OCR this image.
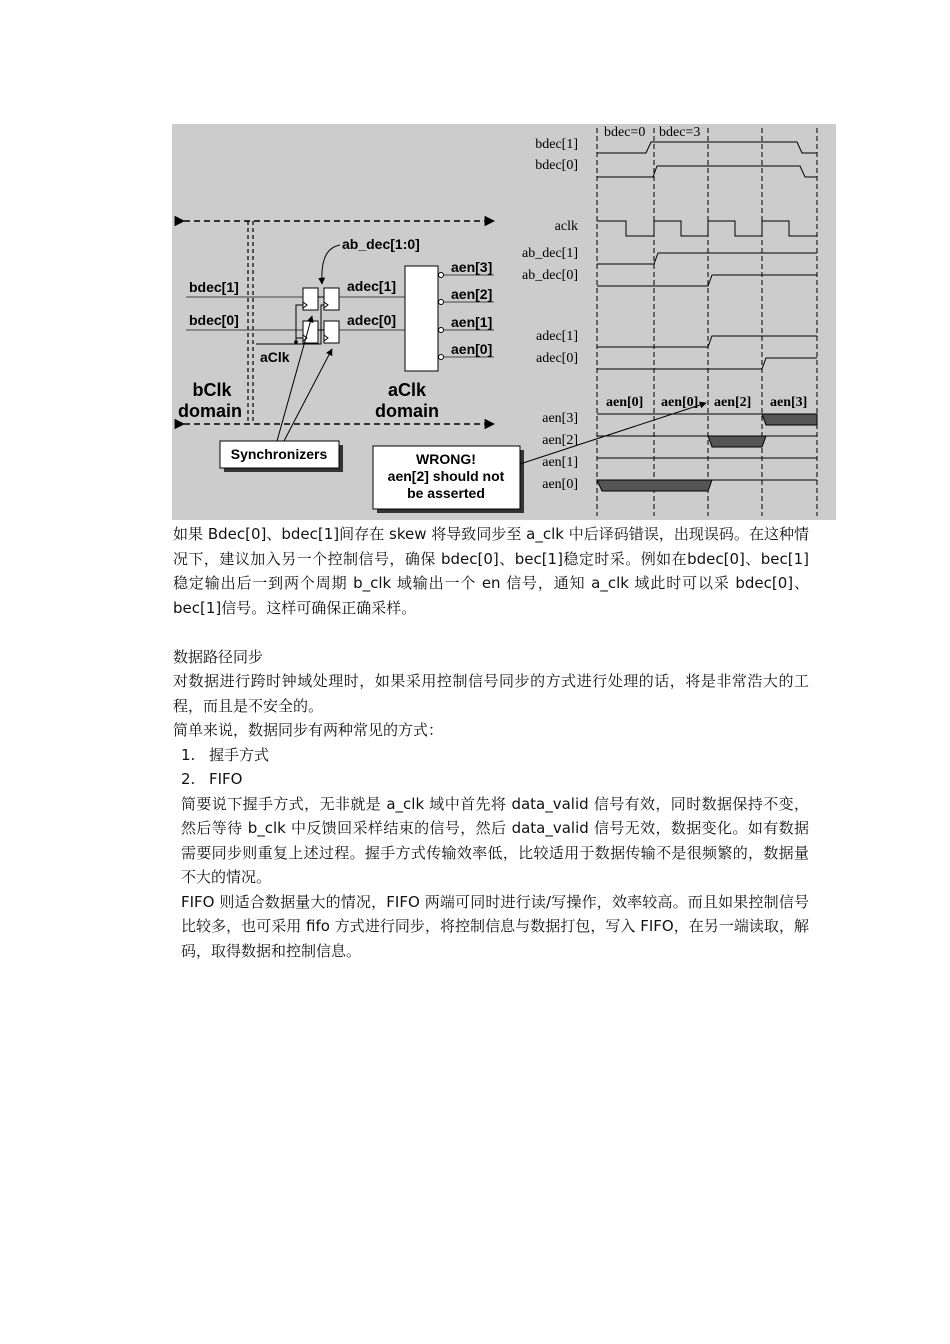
ab_dec[1:0]
bdec[1]
bdec[0]
adec[1]
adec[0]
aClk
aen[3]
aen[2]
aen[1]
aen[0]
bClk
domain
aClk
domain
Synchronizers	WRONG!
aen[2] should not
be asserted
bdec=0 bdec=3
bdec[1]
bdec[0]
aclk
ab_dec[1]
ab_dec[0]
adec[1]
adec[0]
aen[3]
aen[2]
aen[1]
aen[0]
aen[0] aen[0] aen[2] aen[3]

如果 Bdec[0]、bdec[1]间存在 skew 将导致同步至 a_clk 中后译码错误，出现误码。在这种情况下，建议加入另一个控制信号，确保 bdec[0]、bec[1]稳定时采。例如在bdec[0]、bec[1]稳定输出后一到两个周期 b_clk 域输出一个 en 信号，通知 a_clk 域此时可以采 bdec[0]、bec[1]信号。这样可确保正确采样。

数据路径同步

对数据进行跨时钟域处理时，如果采用控制信号同步的方式进行处理的话，将是非常浩大的工程，而且是不安全的。

简单来说，数据同步有两种常见的方式：

1. 握手方式
2. FIFO

简要说下握手方式，无非就是 a_clk 域中首先将 data_valid 信号有效，同时数据保持不变，然后等待 b_clk 中反馈回采样结束的信号，然后 data_valid 信号无效，数据变化。如有数据需要同步则重复上述过程。握手方式传输效率低，比较适用于数据传输不是很频繁的，数据量不大的情况。

FIFO 则适合数据量大的情况，FIFO 两端可同时进行读/写操作，效率较高。而且如果控制信号比较多，也可采用 fifo 方式进行同步，将控制信息与数据打包，写入 FIFO，在另一端读取，解码，取得数据和控制信息。
